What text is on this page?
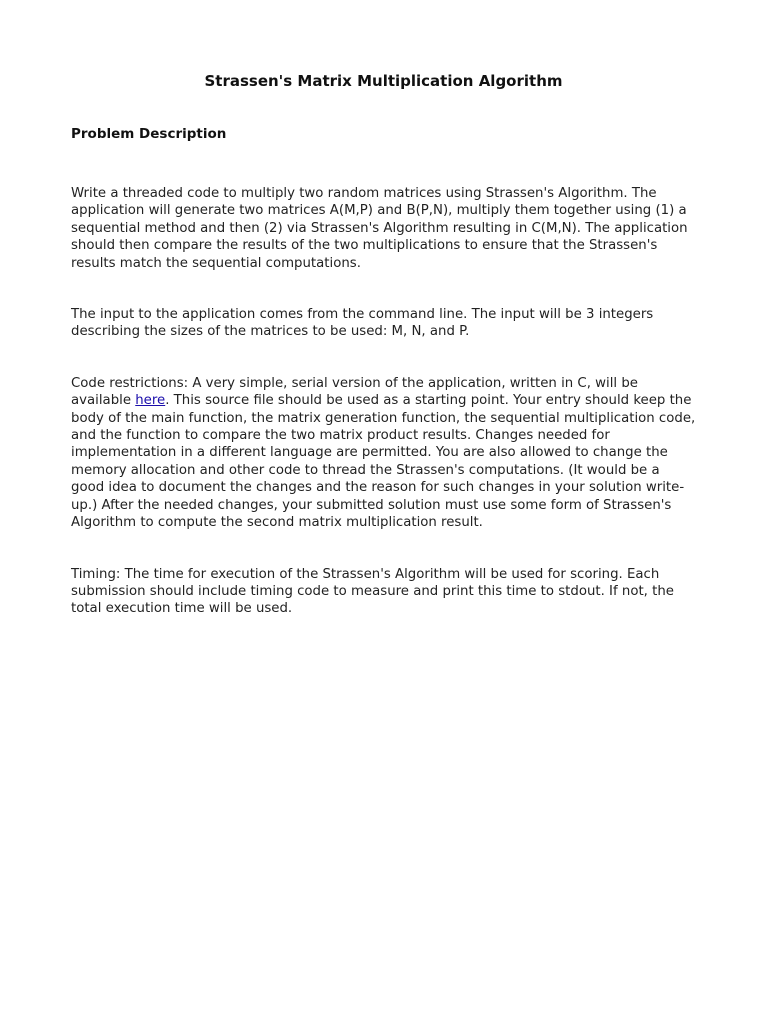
Strassen's Matrix Multiplication Algorithm
Problem Description

Write a threaded code to multiply two random matrices using Strassen's Algorithm. The application will generate two matrices A(M,P) and B(P,N), multiply them together using (1) a sequential method and then (2) via Strassen's Algorithm resulting in C(M,N). The application should then compare the results of the two multiplications to ensure that the Strassen's results match the sequential computations.

The input to the application comes from the command line. The input will be 3 integers describing the sizes of the matrices to be used: M, N, and P.

Code restrictions: A very simple, serial version of the application, written in C, will be available here. This source file should be used as a starting point. Your entry should keep the body of the main function, the matrix generation function, the sequential multiplication code, and the function to compare the two matrix product results. Changes needed for implementation in a different language are permitted. You are also allowed to change the memory allocation and other code to thread the Strassen's computations. (It would be a good idea to document the changes and the reason for such changes in your solution write-up.) After the needed changes, your submitted solution must use some form of Strassen's Algorithm to compute the second matrix multiplication result.

Timing: The time for execution of the Strassen's Algorithm will be used for scoring. Each submission should include timing code to measure and print this time to stdout. If not, the total execution time will be used.
